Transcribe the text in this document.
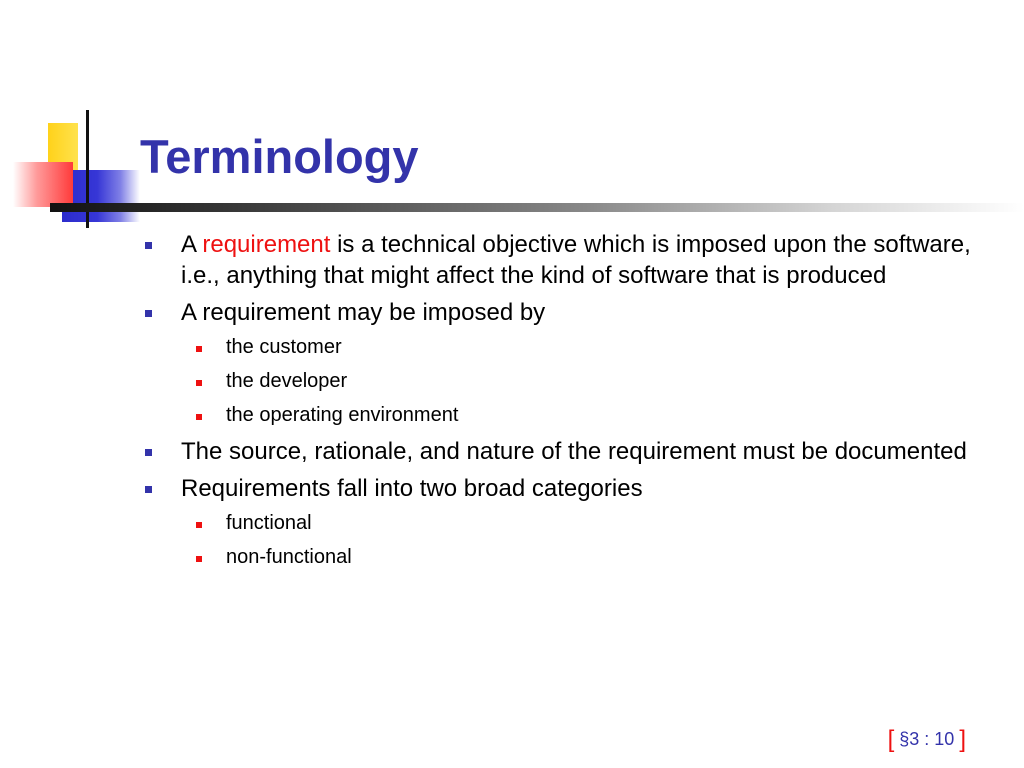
Terminology
A requirement is a technical objective which is imposed upon the software, i.e., anything that might affect the kind of software that is produced
A requirement may be imposed by
the customer
the developer
the operating environment
The source, rationale, and nature of the requirement must be documented
Requirements fall into two broad categories
functional
non-functional
[ §3 : 10 ]
